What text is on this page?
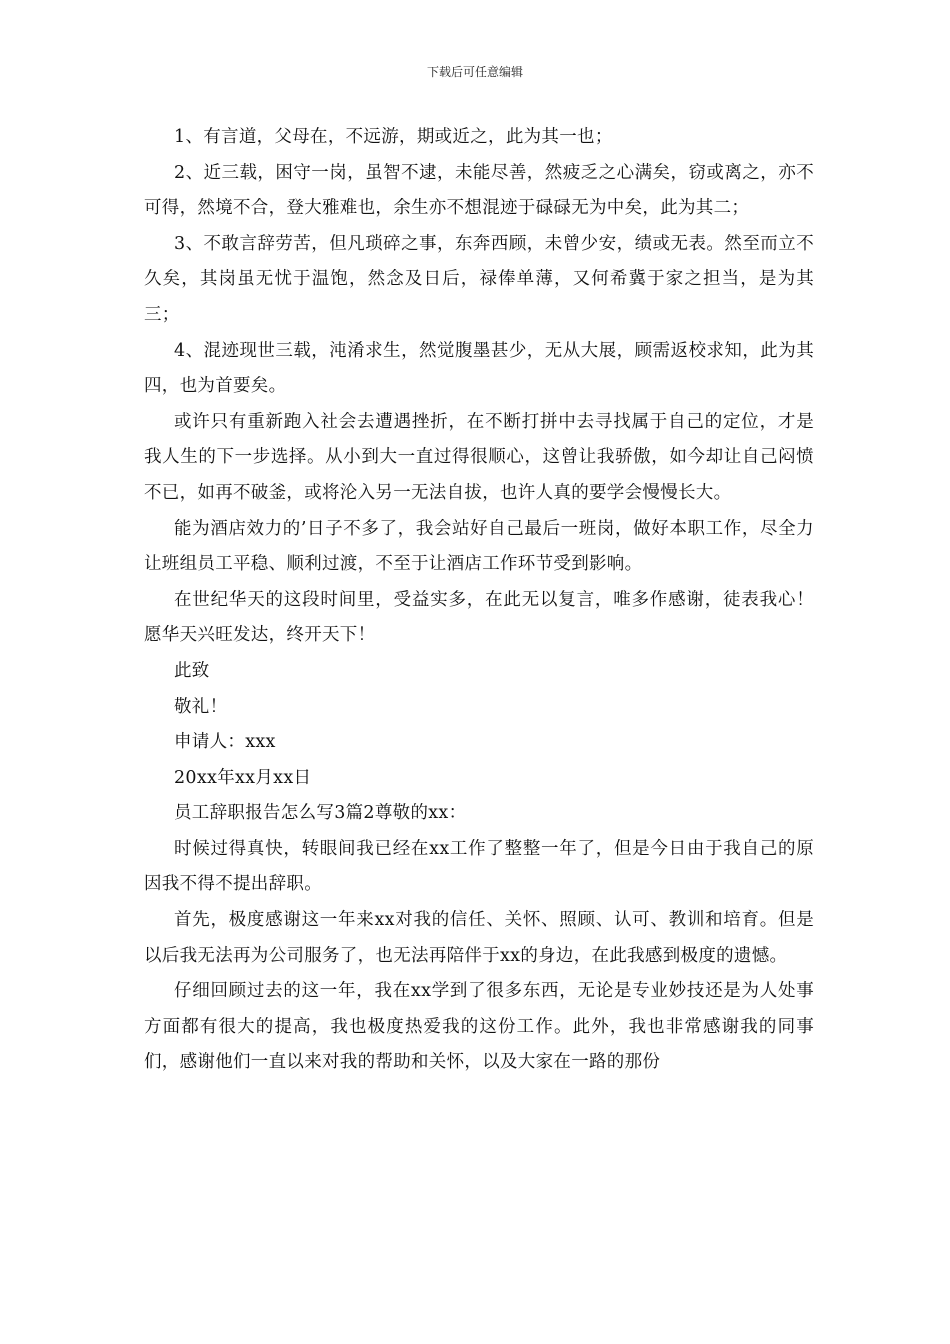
下载后可任意编辑

1、有言道，父母在，不远游，期或近之，此为其一也；

2、近三载，困守一岗，虽智不逮，未能尽善，然疲乏之心满矣，窃或离之，亦不可得，然境不合，登大雅难也，余生亦不想混迹于碌碌无为中矣，此为其二；

3、不敢言辞劳苦，但凡琐碎之事，东奔西顾，未曾少安，绩或无表。然至而立不久矣，其岗虽无忧于温饱，然念及日后，禄俸单薄，又何希冀于家之担当，是为其三；

4、混迹现世三载，沌淆求生，然觉腹墨甚少，无从大展，顾需返校求知，此为其四，也为首要矣。

或许只有重新跑入社会去遭遇挫折，在不断打拼中去寻找属于自己的定位，才是我人生的下一步选择。从小到大一直过得很顺心，这曾让我骄傲，如今却让自己闷愤不已，如再不破釜，或将沦入另一无法自拔，也许人真的要学会慢慢长大。

能为酒店效力的’日子不多了，我会站好自己最后一班岗，做好本职工作，尽全力让班组员工平稳、顺利过渡，不至于让酒店工作环节受到影响。

在世纪华天的这段时间里，受益实多，在此无以复言，唯多作感谢，徒表我心！愿华天兴旺发达，终开天下！

此致

敬礼！

申请人：xxx

20xx年xx月xx日

员工辞职报告怎么写3篇2尊敬的xx：

时候过得真快，转眼间我已经在xx工作了整整一年了，但是今日由于我自己的原因我不得不提出辞职。

首先，极度感谢这一年来xx对我的信任、关怀、照顾、认可、教训和培育。但是以后我无法再为公司服务了，也无法再陪伴于xx的身边，在此我感到极度的遗憾。

仔细回顾过去的这一年，我在xx学到了很多东西，无论是专业妙技还是为人处事方面都有很大的提高，我也极度热爱我的这份工作。此外，我也非常感谢我的同事们，感谢他们一直以来对我的帮助和关怀，以及大家在一路的那份
